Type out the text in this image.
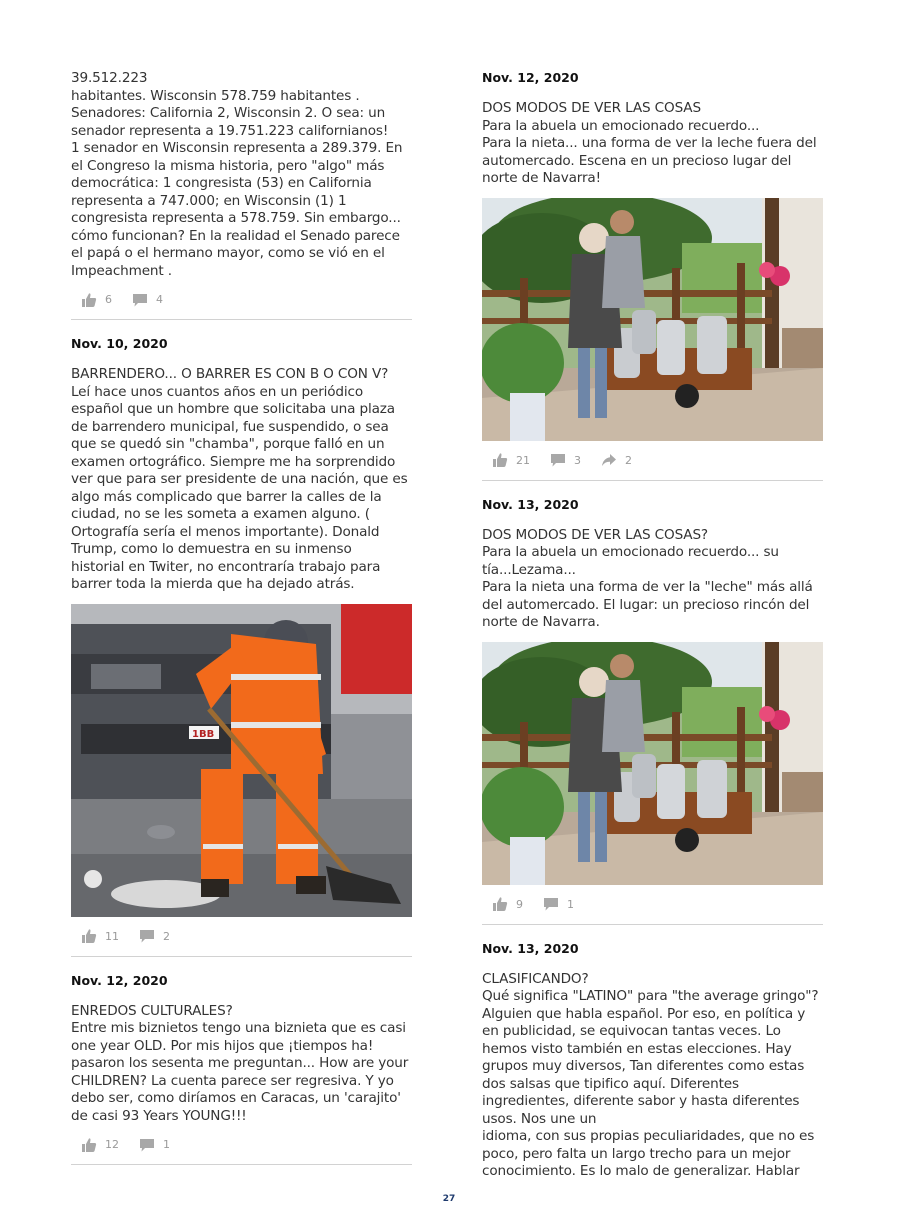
39.512.223
habitantes. Wisconsin 578.759 habitantes .
Senadores: California 2, Wisconsin 2. O sea: un
senador representa a 19.751.223 californianos!
1 senador en Wisconsin representa a 289.379. En
el Congreso la misma historia, pero "algo" más
democrática: 1 congresista (53) en California
representa a 747.000; en Wisconsin (1) 1
congresista representa a 578.759. Sin embargo...
cómo funcionan? En la realidad el Senado parece
el papá o el hermano mayor, como se vió en el
Impeachment .

6	4
Nov. 10, 2020

BARRENDERO... O BARRER ES CON B O CON V?
Leí hace unos cuantos años en un periódico
español que un hombre que solicitaba una plaza
de barrendero municipal, fue suspendido, o sea
que se quedó sin "chamba", porque falló en un
examen ortográfico. Siempre me ha sorprendido
ver que para ser presidente de una nación, que es
algo más complicado que barrer la calles de la
ciudad, no se les someta a examen alguno. (
Ortografía sería el menos importante). Donald
Trump, como lo demuestra en su inmenso
historial en Twiter, no encontraría trabajo para
barrer toda la mierda que ha dejado atrás.

1BB
11	2
Nov. 12, 2020

ENREDOS CULTURALES?
Entre mis biznietos tengo una biznieta que es casi
one year OLD. Por mis hijos que ¡tiempos ha!
pasaron los sesenta me preguntan... How are your
CHILDREN? La cuenta parece ser regresiva. Y yo
debo ser, como diríamos en Caracas, un 'carajito'
de casi 93 Years YOUNG!!!

12	1
Nov. 12, 2020

DOS MODOS DE VER LAS COSAS
Para la abuela un emocionado recuerdo...
Para la nieta... una forma de ver la leche fuera del
automercado. Escena en un precioso lugar del
norte de Navarra!

21	3	2
Nov. 13, 2020

DOS MODOS DE VER LAS COSAS?
Para la abuela un emocionado recuerdo... su
tía...Lezama...
Para la nieta una forma de ver la "leche" más allá
del automercado. El lugar: un precioso rincón del
norte de Navarra.

9	1
Nov. 13, 2020

CLASIFICANDO?
Qué significa "LATINO" para "the average gringo"?
Alguien que habla español. Por eso, en política y
en publicidad, se equivocan tantas veces. Lo
hemos visto también en estas elecciones. Hay
grupos muy diversos, Tan diferentes como estas
dos salsas que tipifico aquí. Diferentes
ingredientes, diferente sabor y hasta diferentes
usos. Nos une un
idioma, con sus propias peculiaridades, que no es
poco, pero falta un largo trecho para un mejor
conocimiento. Es lo malo de generalizar. Hablar

27
